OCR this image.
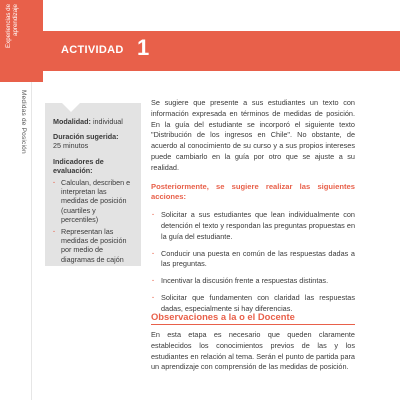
Experiencias de aprendizaje
ACTIVIDAD 1
Medidas de Posición	Modalidad: individual
Duración sugerida:
25 minutos
Indicadores de evaluación:
· Calculan, describen e interpretan las medidas de posición (cuartiles y percentiles)
· Representan las medidas de posición por medio de diagramas de cajón

Se sugiere que presente a sus estudiantes un texto con información expresada en términos de medidas de posición. En la guía del estudiante se incorporó el siguiente texto "Distribución de los ingresos en Chile". No obstante, de acuerdo al conocimiento de su curso y a sus propios intereses puede cambiarlo en la guía por otro que se ajuste a su realidad.

Posteriormente, se sugiere realizar las siguientes acciones:

· Solicitar a sus estudiantes que lean individualmente con detención el texto y respondan las preguntas propuestas en la guía del estudiante.
· Conducir una puesta en común de las respuestas dadas a las preguntas.
· Incentivar la discusión frente a respuestas distintas.
· Solicitar que fundamenten con claridad las respuestas dadas, especialmente si hay diferencias.
Observaciones a la o el Docente
En esta etapa es necesario que queden claramente establecidos los conocimientos previos de las y los estudiantes en relación al tema. Serán el punto de partida para un aprendizaje con comprensión de las medidas de posición.
